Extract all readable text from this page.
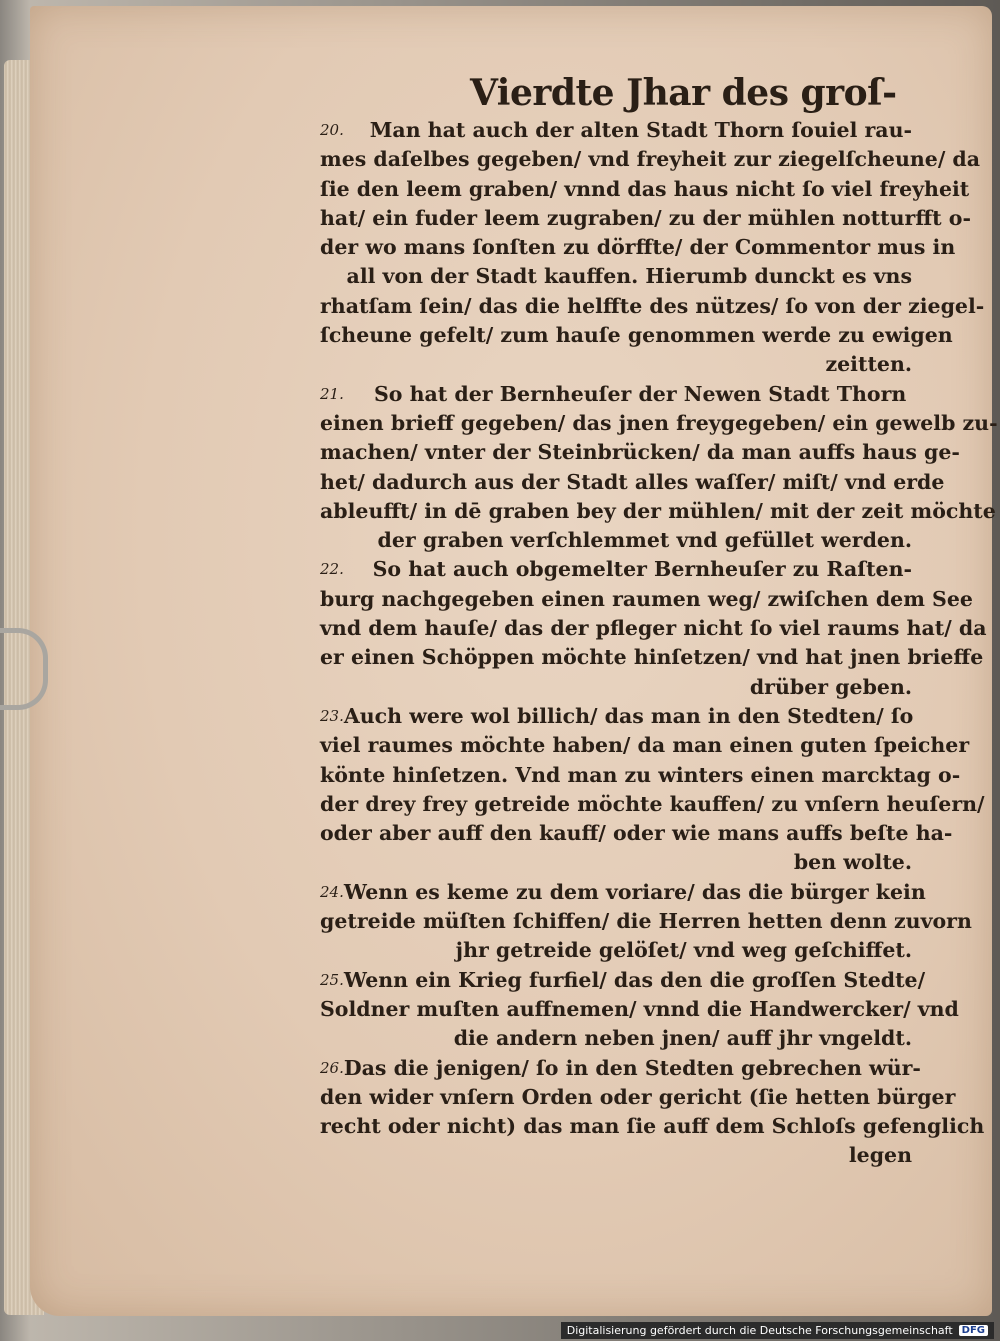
Vierdte Jhar des groſ-
20.	Man hat auch der alten Stadt Thorn ſouiel rau-
mes daſelbes gegeben/ vnd freyheit zur ziegelſcheune/ da
ſie den leem graben/ vnnd das haus nicht ſo viel freyheit
hat/ ein fuder leem zugraben/ zu der mühlen notturfft o-
der wo mans ſonſten zu dörffte/ der Commentor mus in
all von der Stadt kauffen. Hierumb dunckt es vns
rhatſam ſein/ das die helffte des nützes/ ſo von der ziegel-
ſcheune gefelt/ zum hauſe genommen werde zu ewigen
zeitten.
21.	So hat der Bernheuſer der Newen Stadt Thorn
einen brieff gegeben/ das jnen freygegeben/ ein gewelb zu-
machen/ vnter der Steinbrücken/ da man auffs haus ge-
het/ dadurch aus der Stadt alles waſſer/ miſt/ vnd erde
ableufft/ in dē graben bey der mühlen/ mit der zeit möchte
der graben verſchlemmet vnd gefüllet werden.
22.	So hat auch obgemelter Bernheuſer zu Raſten-
burg nachgegeben einen raumen weg/ zwiſchen dem See
vnd dem hauſe/ das der pfleger nicht ſo viel raums hat/ da
er einen Schöppen möchte hinſetzen/ vnd hat jnen brieffe
drüber geben.
23. Auch were wol billich/ das man in den Stedten/ ſo
viel raumes möchte haben/ da man einen guten ſpeicher
könte hinſetzen. Vnd man zu winters einen marcktag o-
der drey frey getreide möchte kauffen/ zu vnſern heuſern/
oder aber auff den kauff/ oder wie mans auffs beſte ha-
ben wolte.
24. Wenn es keme zu dem voriare/ das die bürger kein
getreide müſten ſchiffen/ die Herren hetten denn zuvorn
jhr getreide gelöſet/ vnd weg geſchiffet.
25. Wenn ein Krieg furfiel/ das den die groſſen Stedte/
Soldner muſten auffnemen/ vnnd die Handwercker/ vnd
die andern neben jnen/ auff jhr vngeldt.
26. Das die jenigen/ ſo in den Stedten gebrechen wür-
den wider vnſern Orden oder gericht (ſie hetten bürger
recht oder nicht) das man ſie auff dem Schloſs gefenglich
legen
Digitalisierung gefördert durch die Deutsche Forschungsgemeinschaft DFG
